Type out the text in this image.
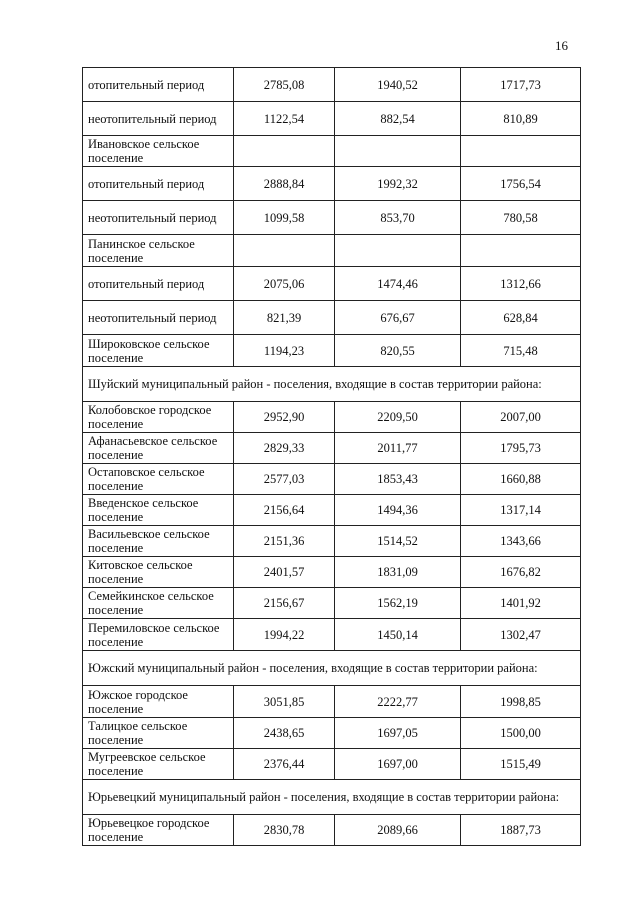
16
отопительный период	2785,08	1940,52	1717,73
неотопительный период	1122,54	882,54	810,89
Ивановское сельское поселение			
отопительный период	2888,84	1992,32	1756,54
неотопительный период	1099,58	853,70	780,58
Панинское сельское поселение			
отопительный период	2075,06	1474,46	1312,66
неотопительный период	821,39	676,67	628,84
Широковское сельское поселение	1194,23	820,55	715,48
Шуйский муниципальный район - поселения, входящие в состав территории района:			
Колобовское городское поселение	2952,90	2209,50	2007,00
Афанасьевское сельское поселение	2829,33	2011,77	1795,73
Остаповское сельское поселение	2577,03	1853,43	1660,88
Введенское сельское поселение	2156,64	1494,36	1317,14
Васильевское сельское поселение	2151,36	1514,52	1343,66
Китовское сельское поселение	2401,57	1831,09	1676,82
Семейкинское сельское поселение	2156,67	1562,19	1401,92
Перемиловское сельское поселение	1994,22	1450,14	1302,47
Южский муниципальный район - поселения, входящие в состав территории района:			
Южское городское поселение	3051,85	2222,77	1998,85
Талицкое сельское поселение	2438,65	1697,05	1500,00
Мугреевское сельское поселение	2376,44	1697,00	1515,49
Юрьевецкий муниципальный район - поселения, входящие в состав территории района:			
Юрьевецкое городское поселение	2830,78	2089,66	1887,73
